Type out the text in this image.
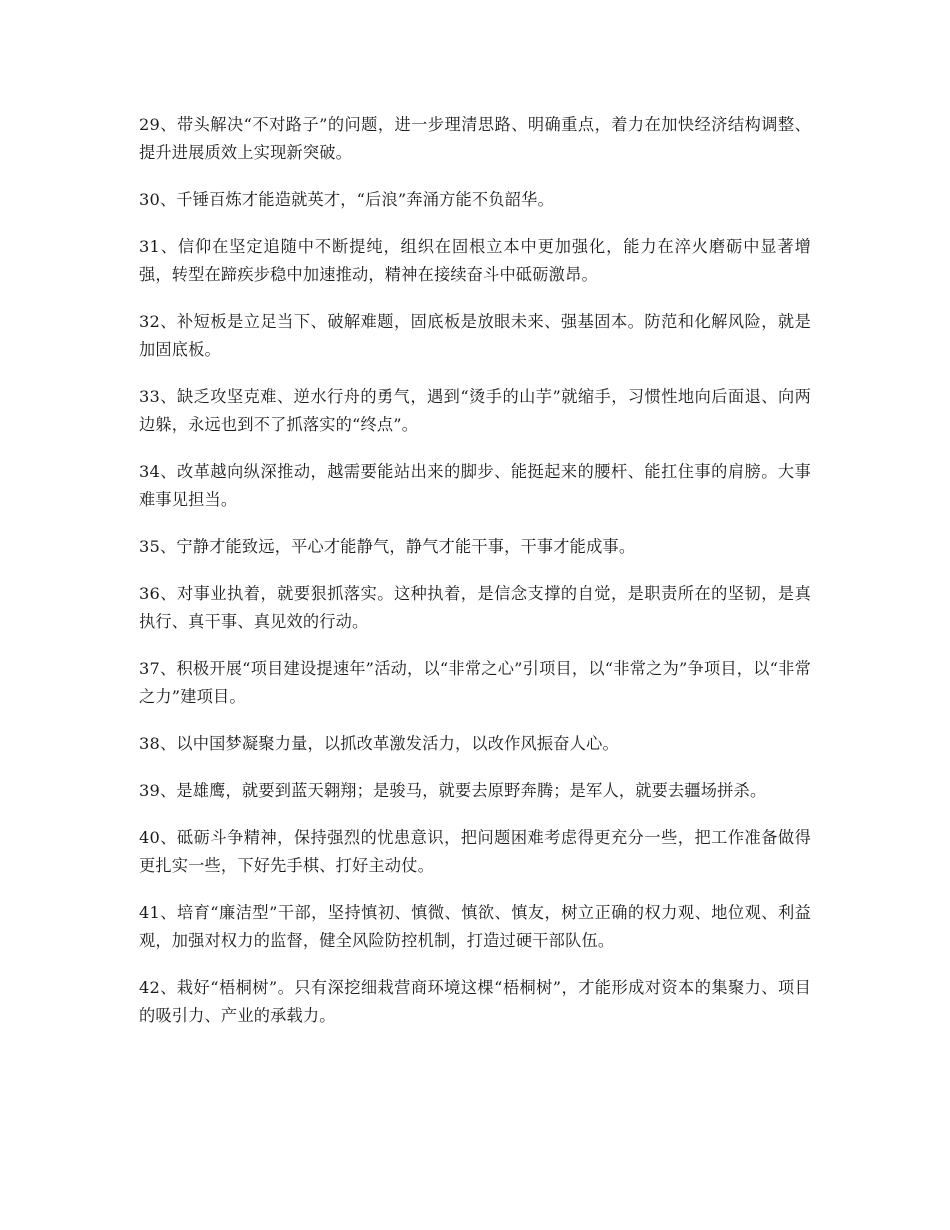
29、带头解决“不对路子”的问题，进一步理清思路、明确重点，着力在加快经济结构调整、提升进展质效上实现新突破。

30、千锤百炼才能造就英才，“后浪”奔涌方能不负韶华。

31、信仰在坚定追随中不断提纯，组织在固根立本中更加强化，能力在淬火磨砺中显著增强，转型在蹄疾步稳中加速推动，精神在接续奋斗中砥砺激昂。

32、补短板是立足当下、破解难题，固底板是放眼未来、强基固本。防范和化解风险，就是加固底板。

33、缺乏攻坚克难、逆水行舟的勇气，遇到“烫手的山芋”就缩手，习惯性地向后面退、向两边躲，永远也到不了抓落实的“终点”。

34、改革越向纵深推动，越需要能站出来的脚步、能挺起来的腰杆、能扛住事的肩膀。大事难事见担当。

35、宁静才能致远，平心才能静气，静气才能干事，干事才能成事。

36、对事业执着，就要狠抓落实。这种执着，是信念支撑的自觉，是职责所在的坚韧，是真执行、真干事、真见效的行动。

37、积极开展“项目建设提速年”活动，以“非常之心”引项目，以“非常之为”争项目，以“非常之力”建项目。

38、以中国梦凝聚力量，以抓改革激发活力，以改作风振奋人心。

39、是雄鹰，就要到蓝天翱翔；是骏马，就要去原野奔腾；是军人，就要去疆场拼杀。

40、砥砺斗争精神，保持强烈的忧患意识，把问题困难考虑得更充分一些，把工作准备做得更扎实一些，下好先手棋、打好主动仗。

41、培育“廉洁型”干部，坚持慎初、慎微、慎欲、慎友，树立正确的权力观、地位观、利益观，加强对权力的监督，健全风险防控机制，打造过硬干部队伍。

42、栽好“梧桐树”。只有深挖细栽营商环境这棵“梧桐树”，才能形成对资本的集聚力、项目的吸引力、产业的承载力。
